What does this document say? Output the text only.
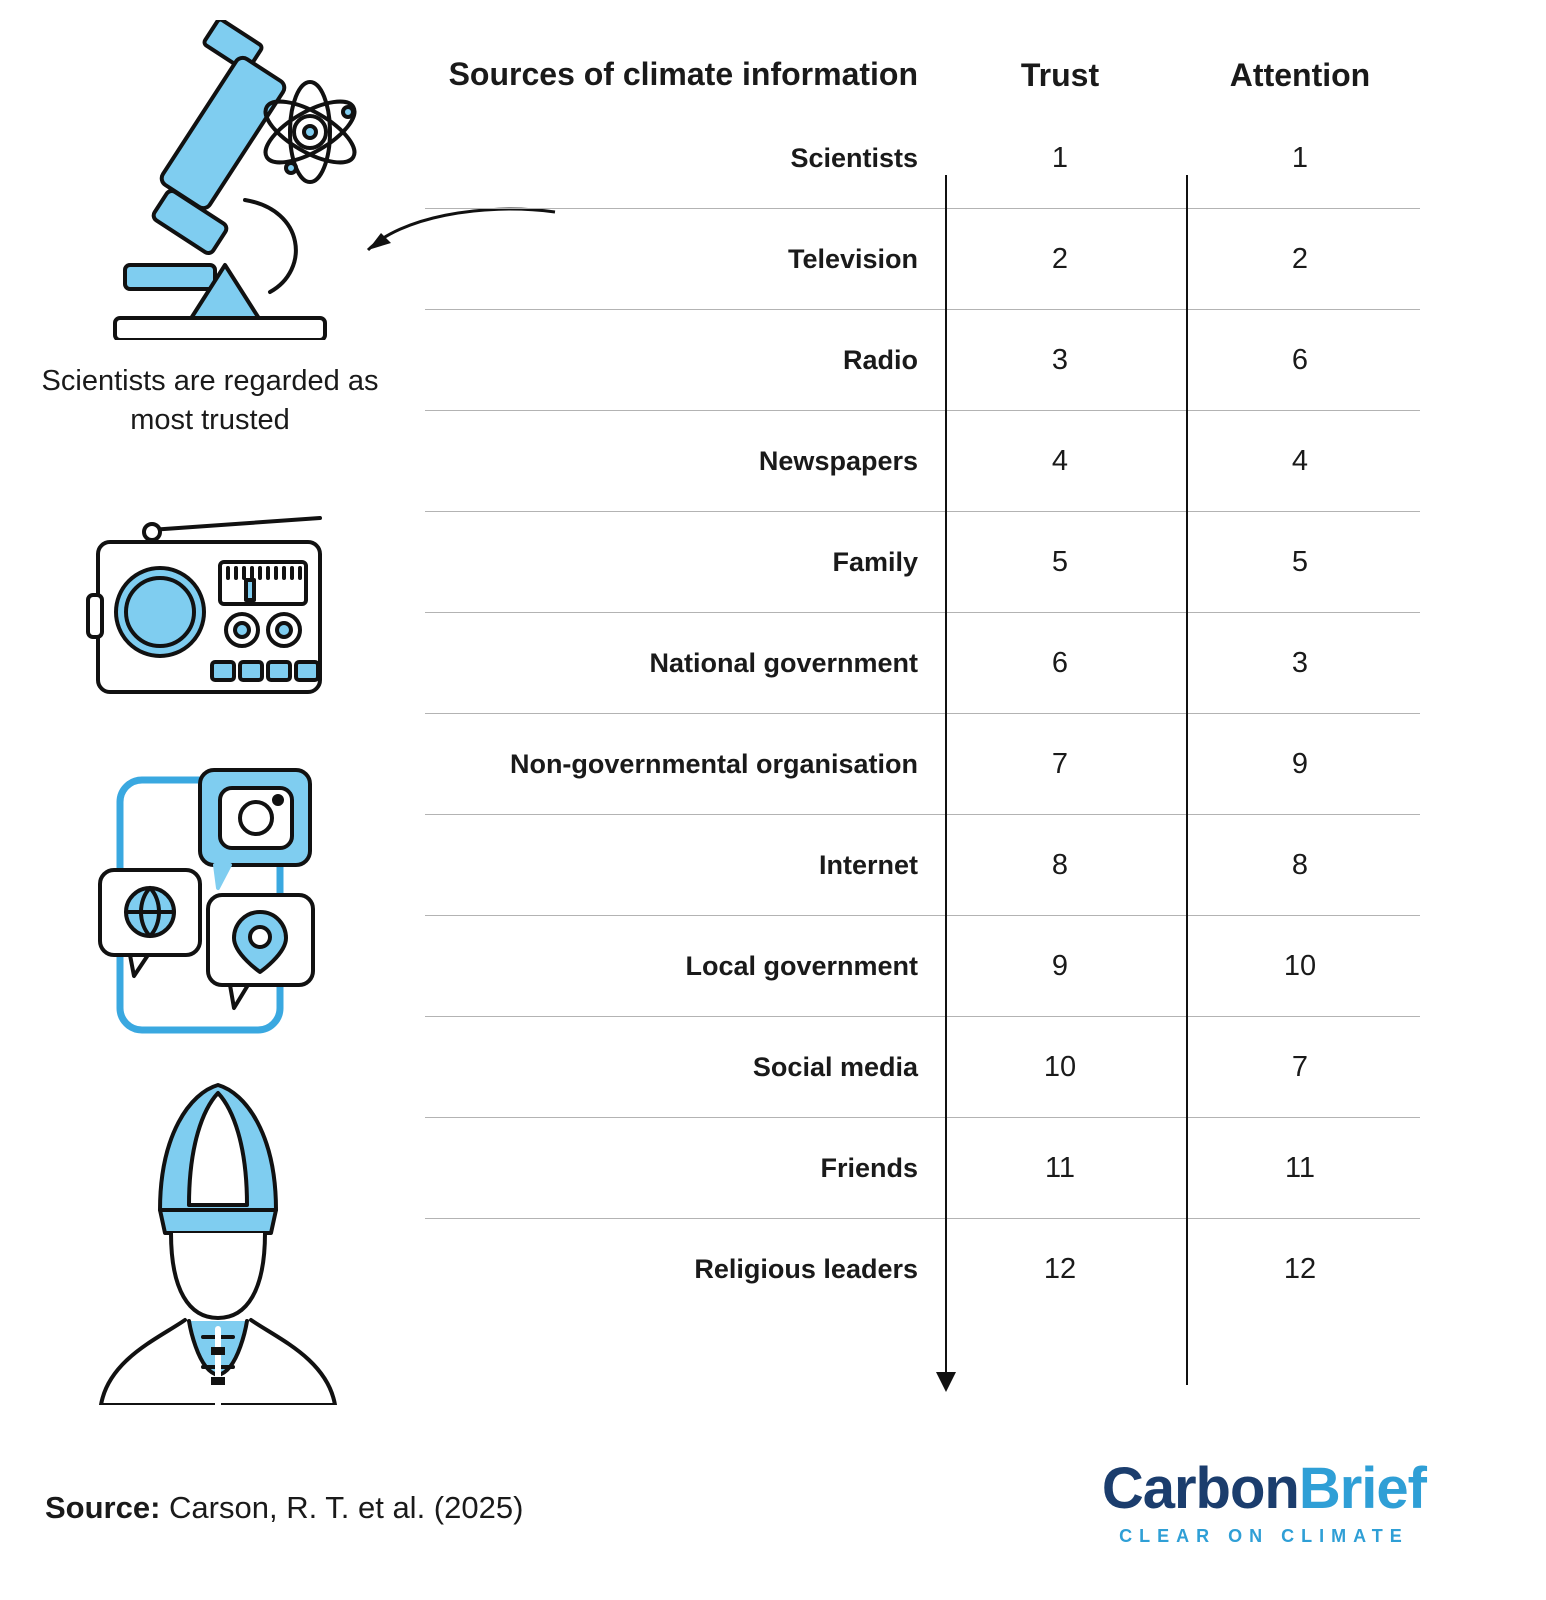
Scientists are regarded as most trusted
Sources of climate information	Trust	Attention
Scientists	1	1
Television	2	2
Radio	3	6
Newspapers	4	4
Family	5	5
National government	6	3
Non-governmental organisation	7	9
Internet	8	8
Local government	9	10
Social media	10	7
Friends	11	11
Religious leaders	12	12
Source: Carson, R. T. et al. (2025)	CarbonBrief
CLEAR ON CLIMATE
